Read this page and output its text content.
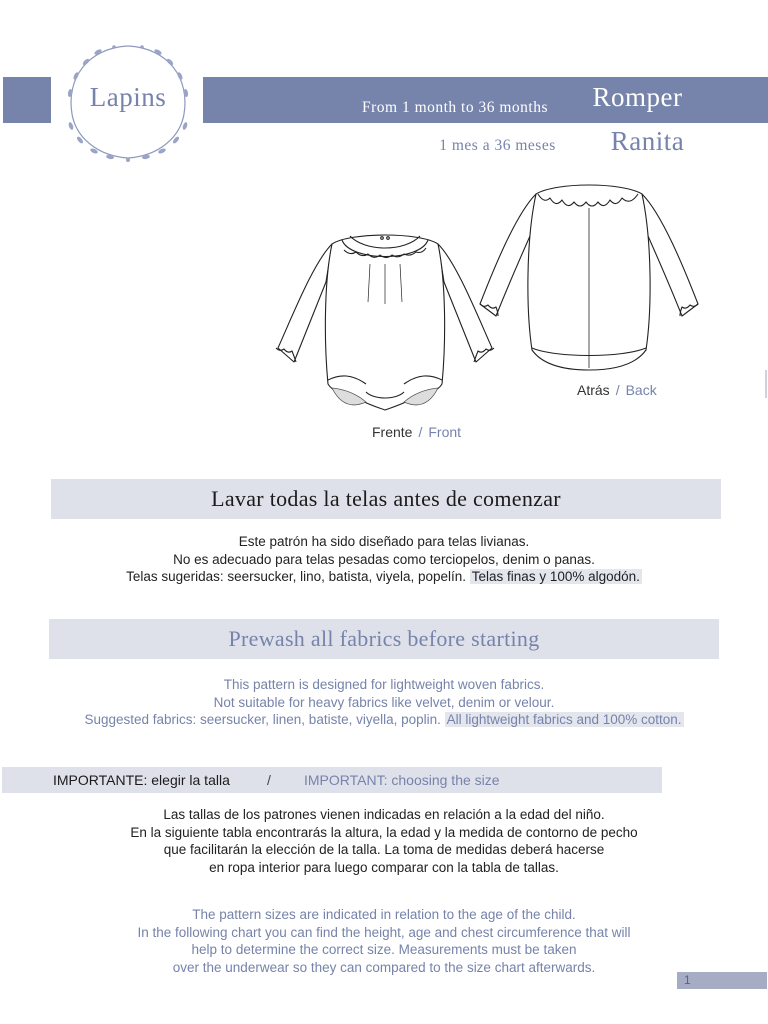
Lapins	From 1 month to 36 months	Romper
1 mes a 36 meses	Ranita
Atrás / Back
Frente / Front
Lavar todas la telas antes de comenzar
Este patrón ha sido diseñado para telas livianas.
No es adecuado para telas pesadas como terciopelos, denim o panas.
Telas sugeridas: seersucker, lino, batista, viyela, popelín. Telas finas y 100% algodón.
Prewash all fabrics before starting
This pattern is designed for lightweight woven fabrics.
Not suitable for heavy fabrics like velvet, denim or velour.
Suggested fabrics: seersucker, linen, batiste, viyella, poplin. All lightweight fabrics and 100% cotton.
IMPORTANTE: elegir la talla	/ IMPORTANT: choosing the size
Las tallas de los patrones vienen indicadas en relación a la edad del niño.
En la siguiente tabla encontrarás la altura, la edad y la medida de contorno de pecho
que facilitarán la elección de la talla. La toma de medidas deberá hacerse
en ropa interior para luego comparar con la tabla de tallas.
The pattern sizes are indicated in relation to the age of the child.
In the following chart you can find the height, age and chest circumference that will
help to determine the correct size. Measurements must be taken
over the underwear so they can compared to the size chart afterwards.
1
